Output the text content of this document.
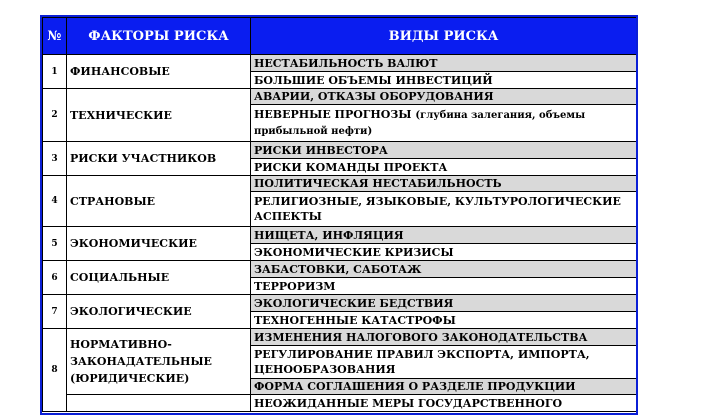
№	ФАКТОРЫ РИСКА	ВИДЫ РИСКА
1	ФИНАНСОВЫЕ	НЕСТАБИЛЬНОСТЬ ВАЛЮТ
		БОЛЬШИЕ ОБЪЕМЫ ИНВЕСТИЦИЙ
2	ТЕХНИЧЕСКИЕ	АВАРИИ, ОТКАЗЫ ОБОРУДОВАНИЯ
		НЕВЕРНЫЕ ПРОГНОЗЫ (глубина залегания, объемы прибыльной нефти)
3	РИСКИ УЧАСТНИКОВ	РИСКИ ИНВЕСТОРА
		РИСКИ КОМАНДЫ ПРОЕКТА
4	СТРАНОВЫЕ	ПОЛИТИЧЕСКАЯ НЕСТАБИЛЬНОСТЬ
		РЕЛИГИОЗНЫЕ, ЯЗЫКОВЫЕ, КУЛЬТУРОЛОГИЧЕСКИЕ АСПЕКТЫ
5	ЭКОНОМИЧЕСКИЕ	НИЩЕТА, ИНФЛЯЦИЯ
		ЭКОНОМИЧЕСКИЕ КРИЗИСЫ
6	СОЦИАЛЬНЫЕ	ЗАБАСТОВКИ, САБОТАЖ
		ТЕРРОРИЗМ
7	ЭКОЛОГИЧЕСКИЕ	ЭКОЛОГИЧЕСКИЕ БЕДСТВИЯ
		ТЕХНОГЕННЫЕ КАТАСТРОФЫ
8	НОРМАТИВНО-ЗАКОНАДАТЕЛЬНЫЕ (ЮРИДИЧЕСКИЕ)	ИЗМЕНЕНИЯ НАЛОГОВОГО ЗАКОНОДАТЕЛЬСТВА
		РЕГУЛИРОВАНИЕ ПРАВИЛ ЭКСПОРТА, ИМПОРТА, ЦЕНООБРАЗОВАНИЯ
		ФОРМА СОГЛАШЕНИЯ О РАЗДЕЛЕ ПРОДУКЦИИ
		НЕОЖИДАННЫЕ МЕРЫ ГОСУДАРСТВЕННОГО
